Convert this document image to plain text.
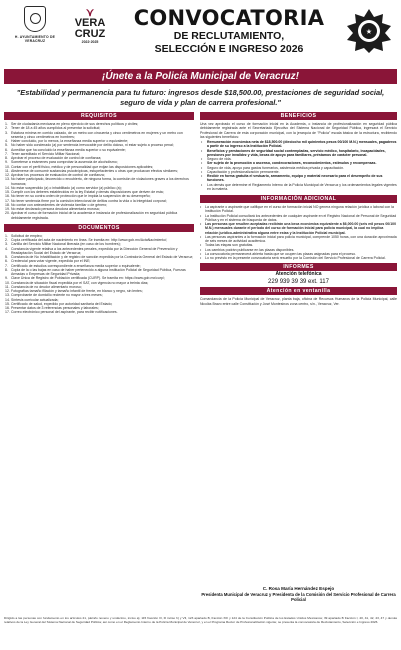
H. AYUNTAMIENTO DE VERACRUZ
⋎
VERA
CRUZ
2022·2025
CONVOCATORIA
DE RECLUTAMIENTO,
SELECCIÓN E INGRESO 2026
★
¡Únete a la Policía Municipal de Veracruz!
"Estabilidad y permanencia para tu futuro: ingresos desde $18,500.00, prestaciones de seguridad social, seguro de vida y plan de carrera profesional."
REQUISITOS
1. Ser de ciudadanía mexicana en pleno ejercicio de sus derechos políticos y civiles;
2. Tener de 18 a 45 años cumplidos al presentar la solicitud;
3. Estatura mínima en corrido calzado, de un metro con cincuenta y cinco centímetros en mujeres y un metro con sesenta y cinco centímetros en hombres;
4. Haber concluido, por lo menos, la enseñanza media superior o equivalente;
5. No haber sido condenado (a) por sentencia irrevocable por delito doloso, ni estar sujeto a proceso penal;
6. Acreditar que ha concluido la enseñanza media superior o su equivalente;
7. Tener acreditado el Servicio Militar Nacional;
8. Aprobar el proceso de evaluación de control de confianza;
9. Someterse a exámenes para comprobar la ausencia de alcoholismo;
10.Contar con el perfil físico, médico y de personalidad que exijan las disposiciones aplicables;
11.Abstenerse de consumir sustancias psicotrópicas, estupefacientes u otras que produzcan efectos similares;
12.Aprobar los procesos de evaluación de control de confianza;
13.No haber participado, favorecido o encubierto, de ninguna forma, la comisión de violaciones graves a los derechos humanos;
14.No estar suspendido (a) o inhabilitado (a) como servidor (a) público (a);
15.Cumplir con los deberes establecidos en la ley Estatal y demás disposiciones que deriven de esta;
16.No tener en su contra orden de protección que le impida la suspensión de su desempeño;
17.No tener sentencia firme por la comisión intencional de delitos contra la vida o la integridad corporal;
18.No contar con antecedentes de violencia familiar o de género;
19.No estar declarado persona deudora alimentaria morosa;
20.Aprobar el curso de formación inicial de la academia e instancia de profesionalización en seguridad pública debidamente registrada.
DOCUMENTOS
1. Solicitud de empleo;
2. Copia certificada del acta de nacimiento en línea. Se tramita en: http://www.gob.mx/ActaNacimiento/;
3. Cartilla del Servicio Militar Nacional liberada (en caso de los hombres);
4. Constancia vigente relativa a los antecedentes penales, expedida por la Dirección General de Prevención y Readaptación Social del Estado de Veracruz;
5. Constancia de No Inhabilitación y de registro de sanción expedida por la Contraloría General del Estado de Veracruz;
6. Credencial para votar vigente, expedida por el INE;
7. Certificado de estudios correspondiente a enseñanza media superior o equivalente;
8. Copia de la o las bajas en caso de haber pertenecido a alguna Institución Policial de Seguridad Pública, Fuerzas Armadas o Empresas de Seguridad Privada;
9. Clave Única de Registro de Población certificada (CURP). Se tramita en: https://www.gob.mx/curp/;
10.Constancia de situación fiscal expedida por el SAT, con vigencia no mayor a treinta días;
11.Constancia de no deudor alimentario moroso;
12.Fotografías tamaño filiación y tamaño infantil de frente, en blanco y negro, sin lentes;
13.Comprobante de domicilio reciente no mayor a tres meses;
14.Síntesis curricular actualizada;
15.Certificado de salud, expedido por autoridad sanitaria del Estado;
16.Presentar datos de 3 referencias personales y laborales;
17.Correo electrónico personal del aspirante, para recibir notificaciones.
BENEFICIOS

Una vez aprobado el curso de formación inicial en la Academia, o instancia de profesionalización en seguridad pública debidamente registrada ante el Secretariado Ejecutivo del Sistema Nacional de Seguridad Pública, ingresará el Servicio Profesional de Carrera de esta corporación municipal, con la jerarquía de "Policía" escala básica de la estructura, recibiendo las siguientes beneficios:

• Remuneración económica neta de $18,500.00 (dieciocho mil quinientos pesos 00/100 M.N.) mensuales, pagaderos a partir de su ingreso a la Institución Policial.
• Beneficios y prestaciones de seguridad social contempladas, servicio médico, hospitalario, incapacidades, pensiones por invalidez y vida, becas de apoyo para familiares, préstamos de carácter personal.
• Seguro de vida.
• Ser sujeto de la promoción o ascenso, condecoraciones, reconocimientos, estímulos y recompensas.
• Seguro de vida, apoyo para gastos funerarios, asistencia médica privada y capacitación.
• Capacitación y profesionalización permanente.
• Recibir en forma gratuita el vestuario, armamento, equipo y material necesario para el desempeño de sus funciones.
• Los demás que determine el Reglamento Interno de la Policía Municipal de Veracruz y los ordenamientos legales vigentes en la materia.
INFORMACIÓN ADICIONAL
• La aspirante o aspirante que califique en el curso de formación inicial NO genera ninguna relación jurídica o laboral con la Institución Policial.
• La Institución Policial consultará los antecedentes de cualquier aspirante en el Registro Nacional de Personal de Seguridad Pública y en el sistema de búsqueda de datos.
• Las personas que resulten aceptadas recibirán una beca económica equivalente a $6,000.00 (seis mil pesos 00/100 M.N.) mensuales durante el periodo del curso de formación inicial para policía municipal, la cual no implica relación jurídico-administrativa alguna entre estas y la Institución Policial municipal.
• Las personas aspirantes a la formación inicial para policía municipal, comprende 1050 horas, con una duración aproximada de seis meses de actividad académica.
• Todas las etapas son gratuitas.
• Los cambios podrán publicarse en las plazas disponibles.
• La convocatoria permanecerá abierta hasta que se ocupen las plazas asignadas para el proceso.
• Lo no previsto en la presente convocatoria será resuelto por la Comisión del Servicio Profesional de Carrera Policial.
INFORMES
Atención telefónica
229 939 39 39 ext. 117
Atención en ventanilla

Comandancia de la Policía Municipal de Veracruz, planta baja, oficina de Recursos Humanos de la Policía Municipal, calle Nicolás Bravo entre calle Constitución y José Montesinos zona centro, s/n., Veracruz, Ver.

C. Rosa María Hernández Espejo
Presidenta Municipal de Veracruz y Presidenta de la Comisión del Servicio Profesional de Carrera Policial
Dirigido a las personas con fundamento en los artículos 21, párrafo noveno y undécimo, inciso a); 115 fracción III, III inciso h) y VII, 123 apartado B, fracción XIII y 124 de la Constitución Política de los Estados Unidos Mexicanos; 39 apartado B fracción I, 40, 41, 42, 43, 47 y demás relativos de la Ley General del Sistema Nacional de Seguridad Pública; así como en el Reglamento Interno de la Policía Municipal de Veracruz, y en el Programa Rector de Profesionalización vigente; se presenta la convocatoria de Reclutamiento, Selección e Ingreso 2026.
